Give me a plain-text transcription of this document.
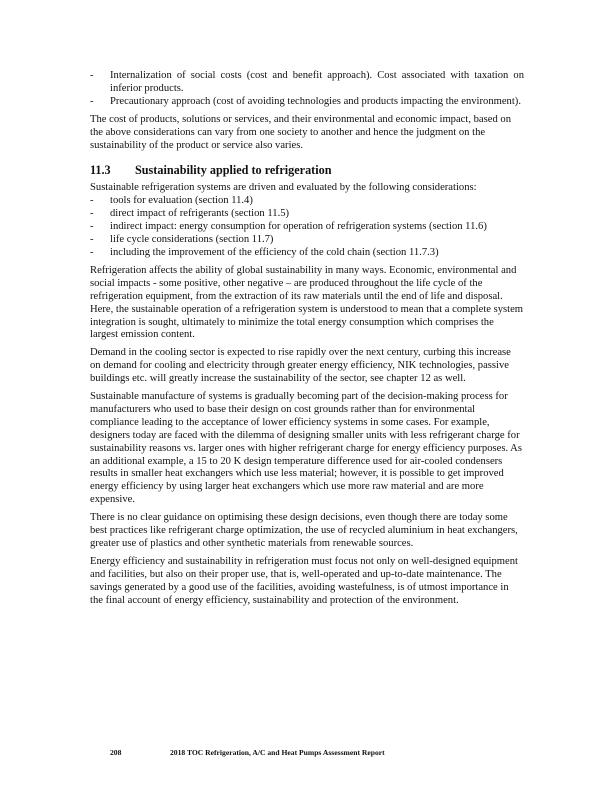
- Internalization of social costs (cost and benefit approach). Cost associated with taxation on inferior products.

- Precautionary approach (cost of avoiding technologies and products impacting the environment).

The cost of products, solutions or services, and their environmental and economic impact, based on the above considerations can vary from one society to another and hence the judgment on the sustainability of the product or service also varies.

11.3 Sustainability applied to refrigeration

Sustainable refrigeration systems are driven and evaluated by the following considerations:

- tools for evaluation (section 11.4)

- direct impact of refrigerants (section 11.5)

- indirect impact: energy consumption for operation of refrigeration systems (section 11.6)

- life cycle considerations (section 11.7)

- including the improvement of the efficiency of the cold chain (section 11.7.3)

Refrigeration affects the ability of global sustainability in many ways. Economic, environmental and social impacts - some positive, other negative – are produced throughout the life cycle of the refrigeration equipment, from the extraction of its raw materials until the end of life and disposal. Here, the sustainable operation of a refrigeration system is understood to mean that a complete system integration is sought, ultimately to minimize the total energy consumption which comprises the largest emission content.

Demand in the cooling sector is expected to rise rapidly over the next century, curbing this increase on demand for cooling and electricity through greater energy efficiency, NIK technologies, passive buildings etc. will greatly increase the sustainability of the sector, see chapter 12 as well.

Sustainable manufacture of systems is gradually becoming part of the decision-making process for manufacturers who used to base their design on cost grounds rather than for environmental compliance leading to the acceptance of lower efficiency systems in some cases. For example, designers today are faced with the dilemma of designing smaller units with less refrigerant charge for sustainability reasons vs. larger ones with higher refrigerant charge for energy efficiency purposes. As an additional example, a 15 to 20 K design temperature difference used for air-cooled condensers results in smaller heat exchangers which use less material; however, it is possible to get improved energy efficiency by using larger heat exchangers which use more raw material and are more expensive.

There is no clear guidance on optimising these design decisions, even though there are today some best practices like refrigerant charge optimization, the use of recycled aluminium in heat exchangers, greater use of plastics and other synthetic materials from renewable sources.

Energy efficiency and sustainability in refrigeration must focus not only on well-designed equipment and facilities, but also on their proper use, that is, well-operated and up-to-date maintenance. The savings generated by a good use of the facilities, avoiding wastefulness, is of utmost importance in the final account of energy efficiency, sustainability and protection of the environment.

208	2018 TOC Refrigeration, A/C and Heat Pumps Assessment Report
